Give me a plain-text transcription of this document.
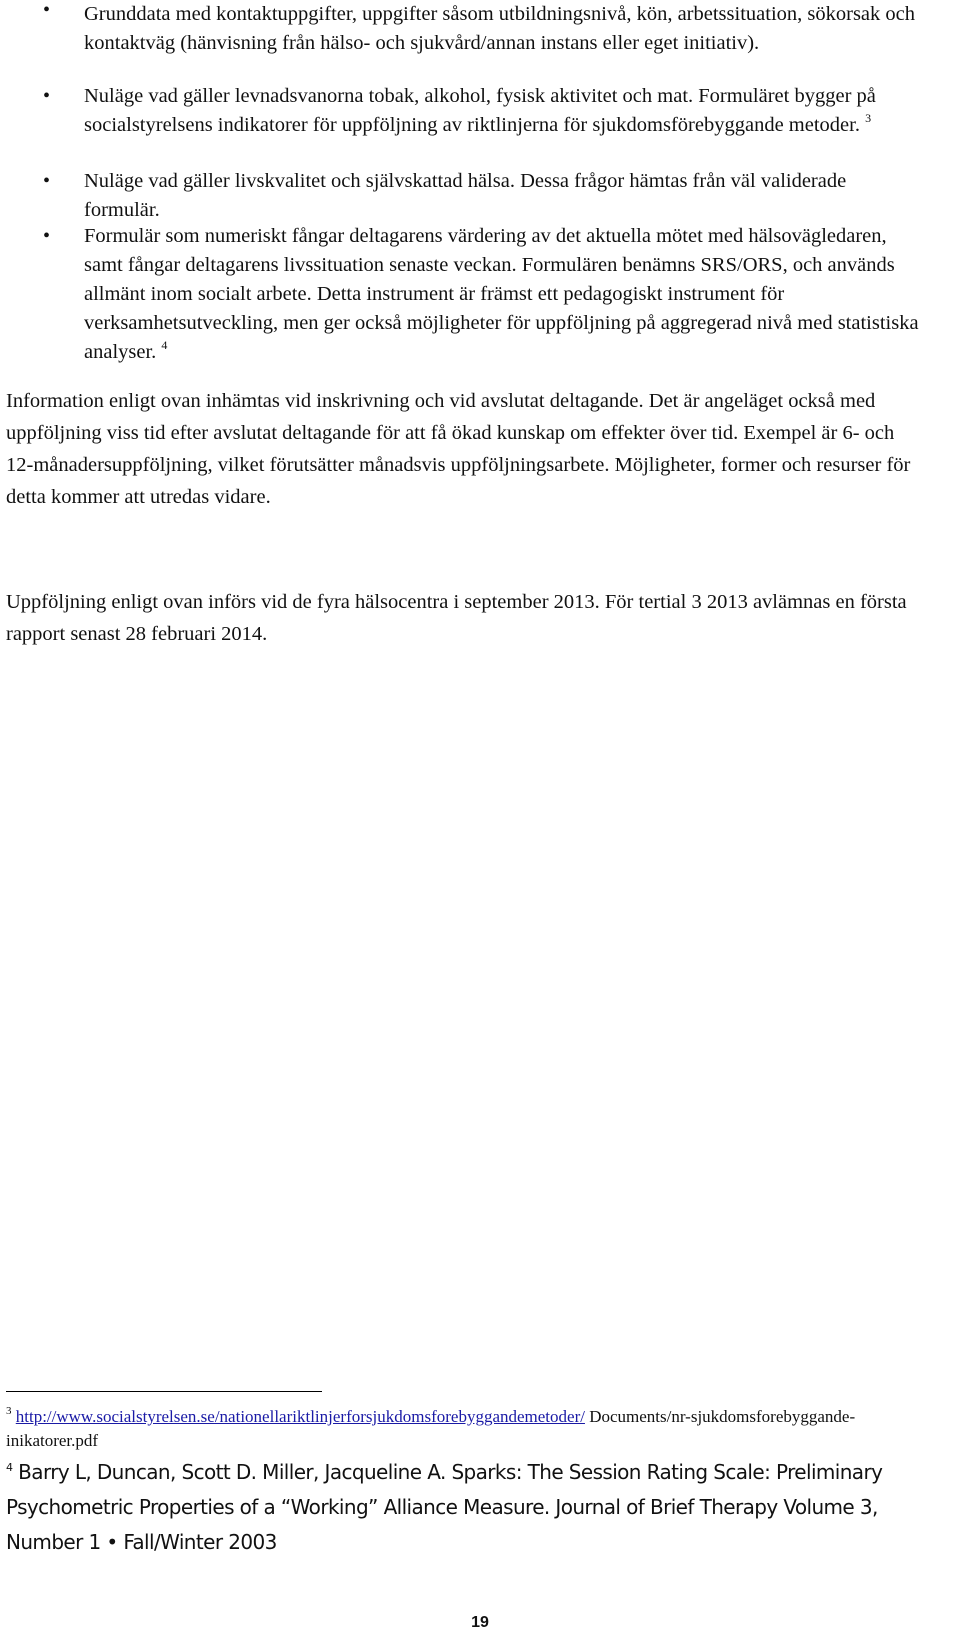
• Grunddata med kontaktuppgifter, uppgifter såsom utbildningsnivå, kön, arbetssituation, sökorsak och kontaktväg (hänvisning från hälso- och sjukvård/annan instans eller eget initiativ).
• Nuläge vad gäller levnadsvanorna tobak, alkohol, fysisk aktivitet och mat. Formuläret bygger på socialstyrelsens indikatorer för uppföljning av riktlinjerna för sjukdomsförebyggande metoder. $^3$
• Nuläge vad gäller livskvalitet och självskattad hälsa. Dessa frågor hämtas från väl validerade formulär.
• Formulär som numeriskt fångar deltagarens värdering av det aktuella mötet med hälsovägledaren, samt fångar deltagarens livssituation senaste veckan. Formulären benämns SRS/ORS, och används allmänt inom socialt arbete. Detta instrument är främst ett pedagogiskt instrument för verksamhetsutveckling, men ger också möjligheter för uppföljning på aggregerad nivå med statistiska analyser. $^4$

Information enligt ovan inhämtas vid inskrivning och vid avslutat deltagande. Det är angeläget också med uppföljning viss tid efter avslutat deltagande för att få ökad kunskap om effekter över tid. Exempel är 6- och 12-månadersuppföljning, vilket förutsätter månadsvis uppföljningsarbete. Möjligheter, former och resurser för detta kommer att utredas vidare.

Uppföljning enligt ovan införs vid de fyra hälsocentra i september 2013. För tertial 3 2013 avlämnas en första rapport senast 28 februari 2014.

$^3$ http://www.socialstyrelsen.se/nationellariktlinjerforsjukdomsforebyggandemetoder/ Documents/nr-sjukdomsforebyggande-inikatorer.pdf

$^4$ Barry L, Duncan, Scott D. Miller, Jacqueline A. Sparks: The Session Rating Scale: Preliminary Psychometric Properties of a “Working” Alliance Measure. Journal of Brief Therapy Volume 3, Number 1 • Fall/Winter 2003

19
